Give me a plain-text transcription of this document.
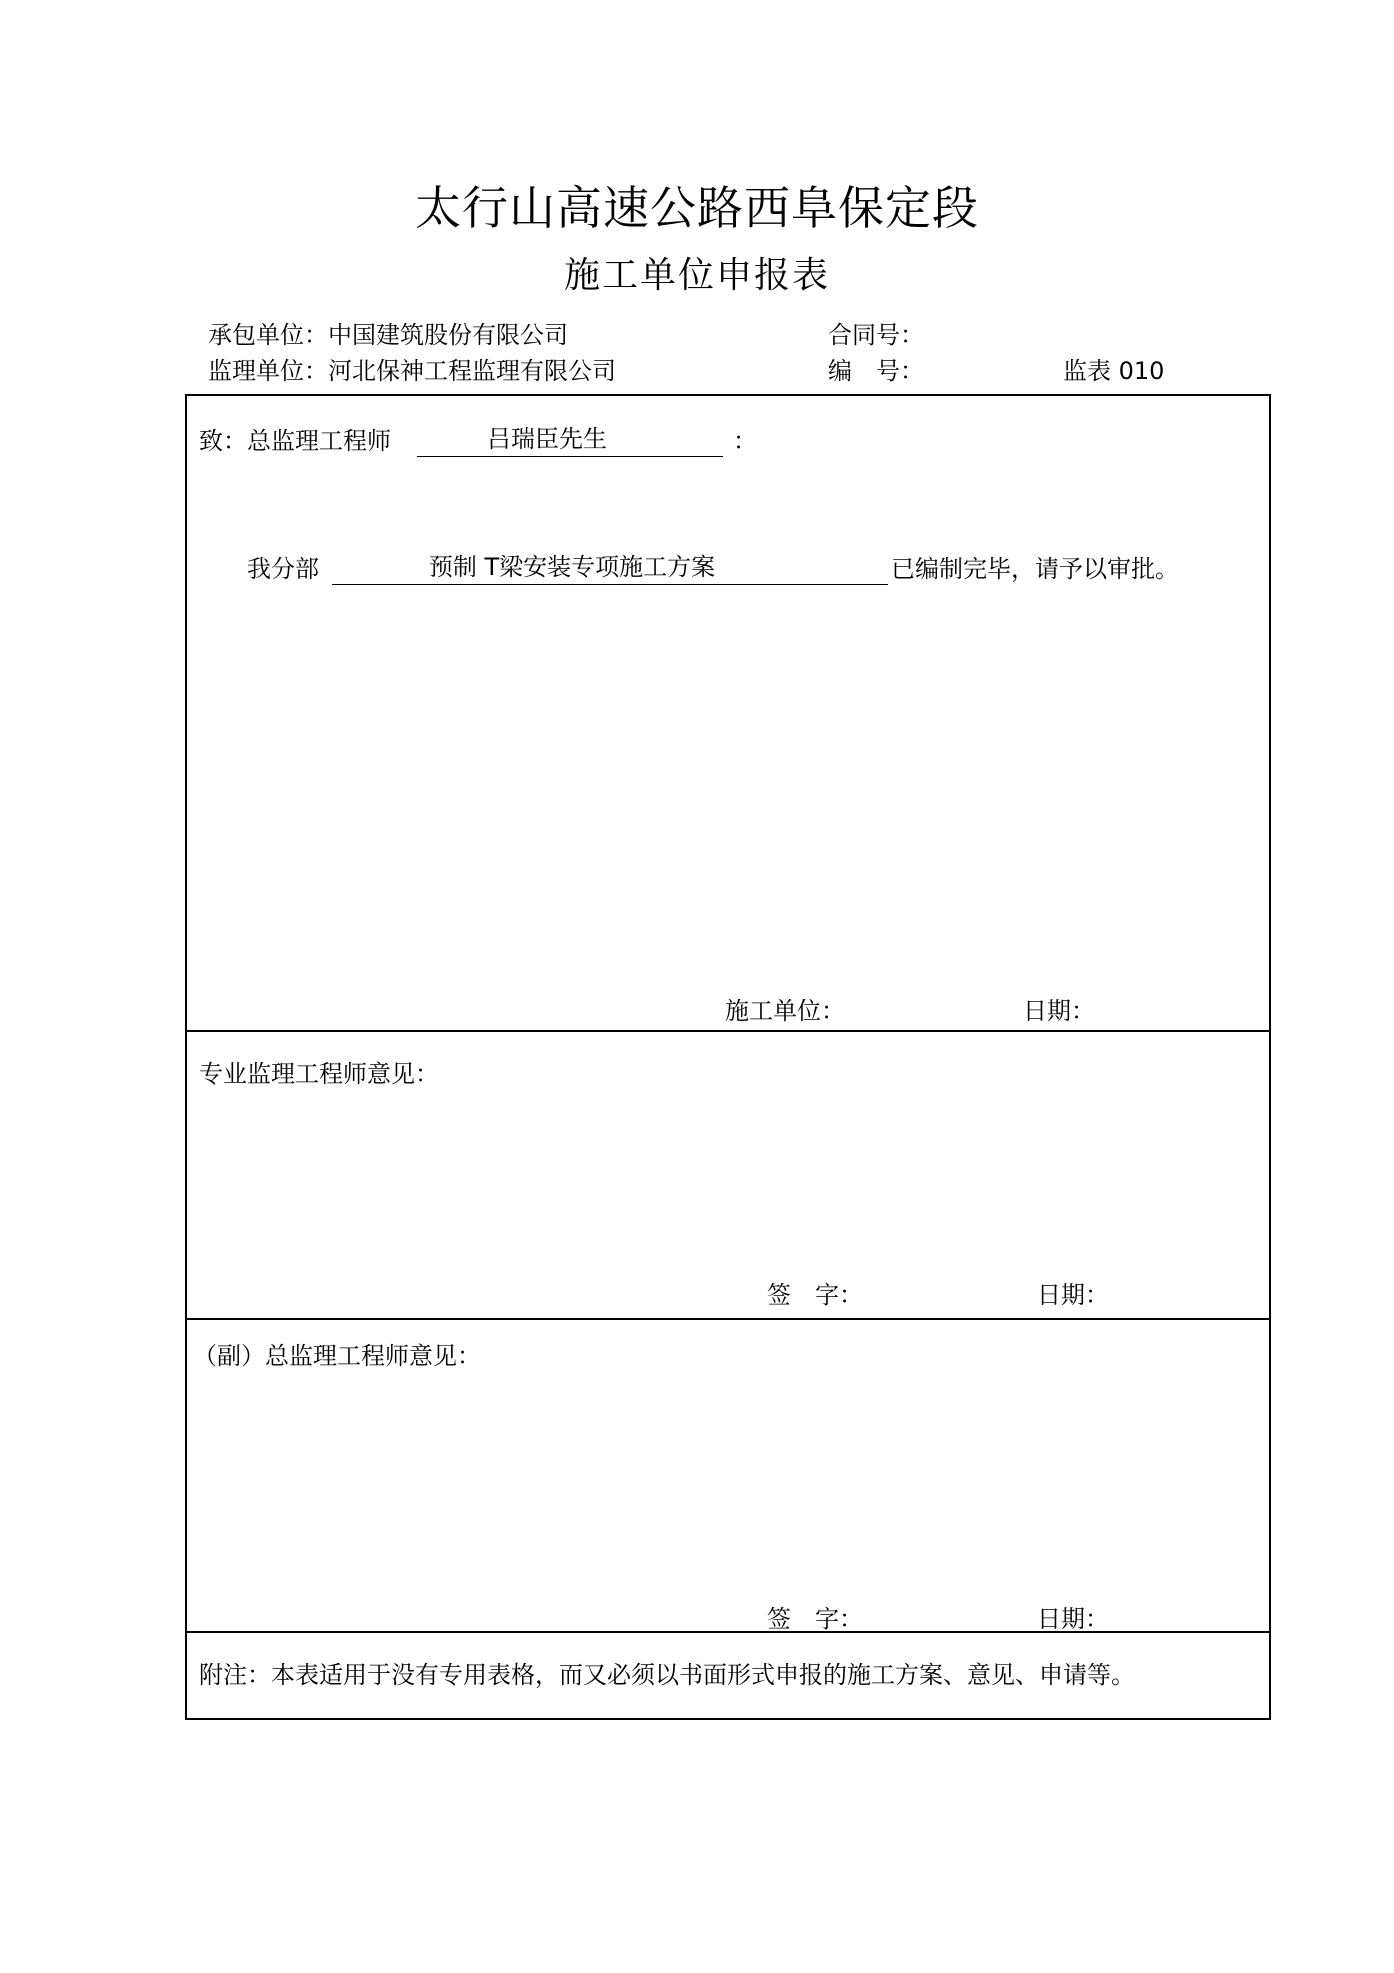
太行山高速公路西阜保定段
施工单位申报表
承包单位：中国建筑股份有限公司	合同号：
监理单位：河北保神工程监理有限公司	编　号：	监表 010
致：总监理工程师	吕瑞臣先生	：
我分部	预制 T梁安装专项施工方案	已编制完毕，请予以审批。
施工单位：	日期：
专业监理工程师意见：
签　字：	日期：
（副）总监理工程师意见：
签　字：	日期：
附注：本表适用于没有专用表格，而又必须以书面形式申报的施工方案、意见、申请等。
